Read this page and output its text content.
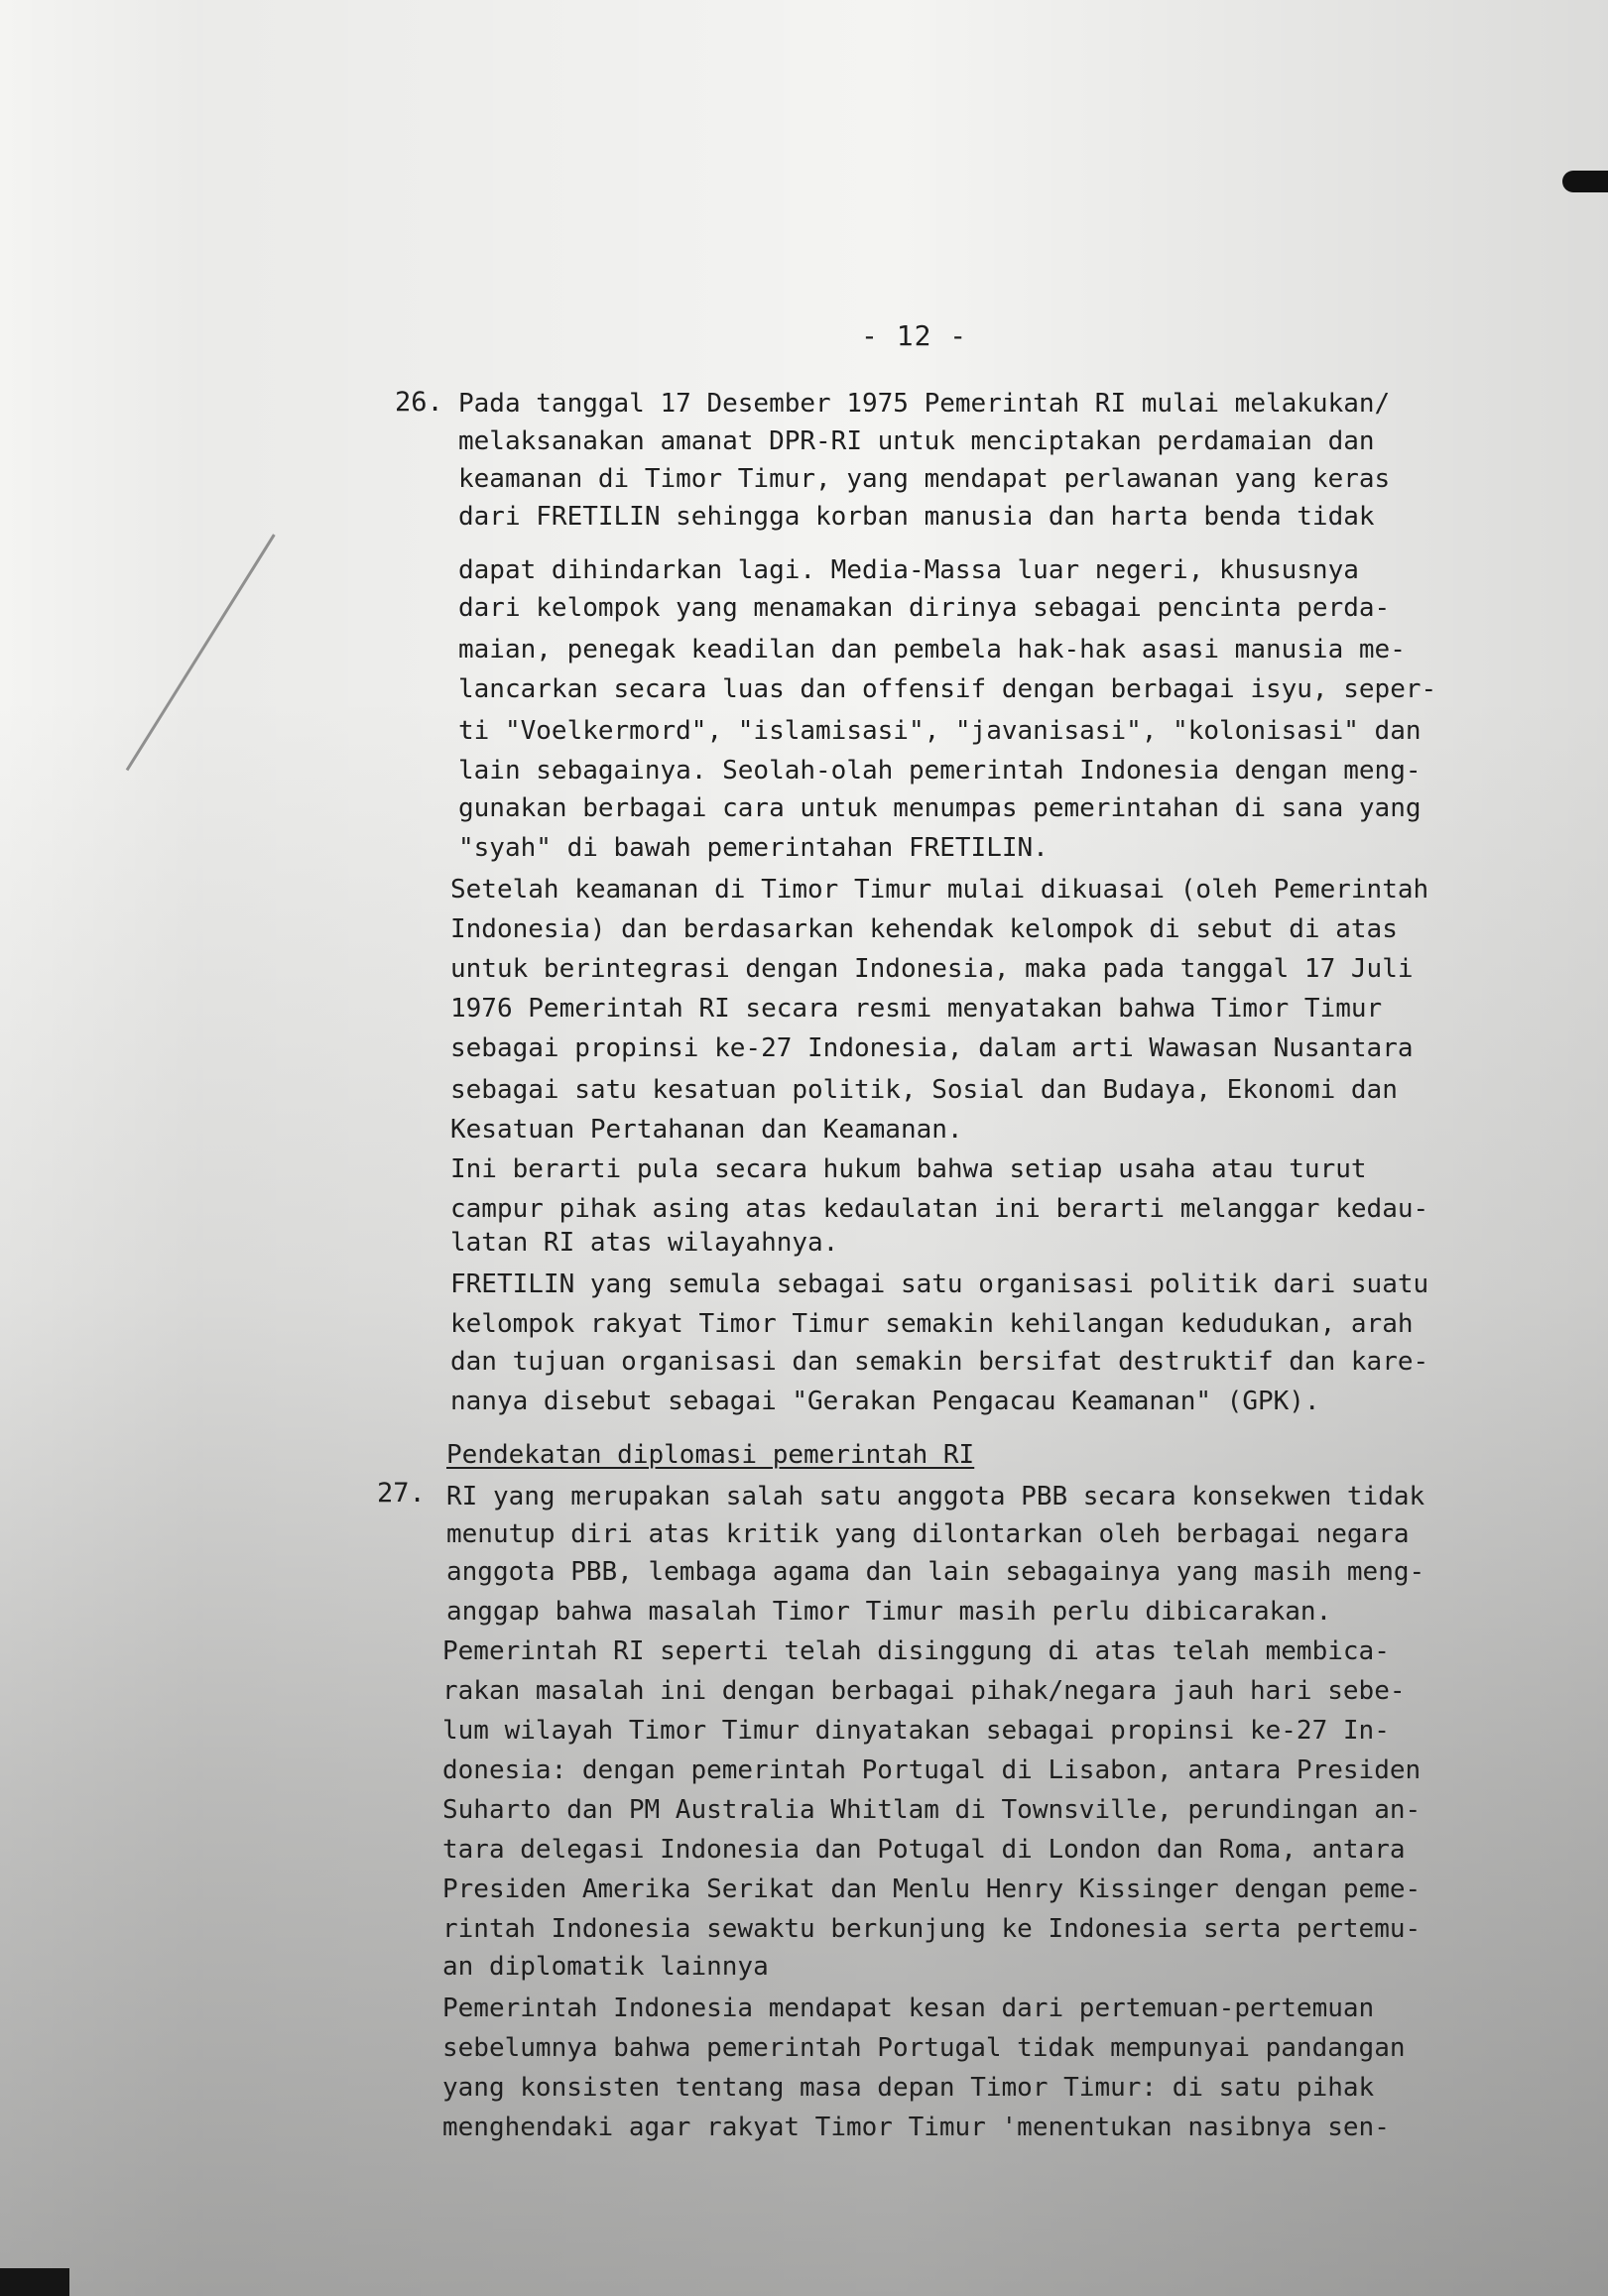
- 12 -
26. Pada tanggal 17 Desember 1975 Pemerintah RI mulai melakukan/
melaksanakan amanat DPR-RI untuk menciptakan perdamaian dan
keamanan di Timor Timur, yang mendapat perlawanan yang keras
dari FRETILIN sehingga korban manusia dan harta benda tidak
dapat dihindarkan lagi. Media-Massa luar negeri, khususnya
dari kelompok yang menamakan dirinya sebagai pencinta perda-
maian, penegak keadilan dan pembela hak-hak asasi manusia me-
lancarkan secara luas dan offensif dengan berbagai isyu, seper-
ti "Voelkermord", "islamisasi", "javanisasi", "kolonisasi" dan
lain sebagainya. Seolah-olah pemerintah Indonesia dengan meng-
gunakan berbagai cara untuk menumpas pemerintahan di sana yang
"syah" di bawah pemerintahan FRETILIN.
Setelah keamanan di Timor Timur mulai dikuasai (oleh Pemerintah
Indonesia) dan berdasarkan kehendak kelompok di sebut di atas
untuk berintegrasi dengan Indonesia, maka pada tanggal 17 Juli
1976 Pemerintah RI secara resmi menyatakan bahwa Timor Timur
sebagai propinsi ke-27 Indonesia, dalam arti Wawasan Nusantara
sebagai satu kesatuan politik, Sosial dan Budaya, Ekonomi dan
Kesatuan Pertahanan dan Keamanan.
Ini berarti pula secara hukum bahwa setiap usaha atau turut
campur pihak asing atas kedaulatan ini berarti melanggar kedau-
latan RI atas wilayahnya.
FRETILIN yang semula sebagai satu organisasi politik dari suatu
kelompok rakyat Timor Timur semakin kehilangan kedudukan, arah
dan tujuan organisasi dan semakin bersifat destruktif dan kare-
nanya disebut sebagai "Gerakan Pengacau Keamanan" (GPK).
Pendekatan diplomasi pemerintah RI
27. RI yang merupakan salah satu anggota PBB secara konsekwen tidak
menutup diri atas kritik yang dilontarkan oleh berbagai negara
anggota PBB, lembaga agama dan lain sebagainya yang masih meng-
anggap bahwa masalah Timor Timur masih perlu dibicarakan.
Pemerintah RI seperti telah disinggung di atas telah membica-
rakan masalah ini dengan berbagai pihak/negara jauh hari sebe-
lum wilayah Timor Timur dinyatakan sebagai propinsi ke-27 In-
donesia: dengan pemerintah Portugal di Lisabon, antara Presiden
Suharto dan PM Australia Whitlam di Townsville, perundingan an-
tara delegasi Indonesia dan Potugal di London dan Roma, antara
Presiden Amerika Serikat dan Menlu Henry Kissinger dengan peme-
rintah Indonesia sewaktu berkunjung ke Indonesia serta pertemu-
an diplomatik lainnya
Pemerintah Indonesia mendapat kesan dari pertemuan-pertemuan
sebelumnya bahwa pemerintah Portugal tidak mempunyai pandangan
yang konsisten tentang masa depan Timor Timur: di satu pihak
menghendaki agar rakyat Timor Timur 'menentukan nasibnya sen-
